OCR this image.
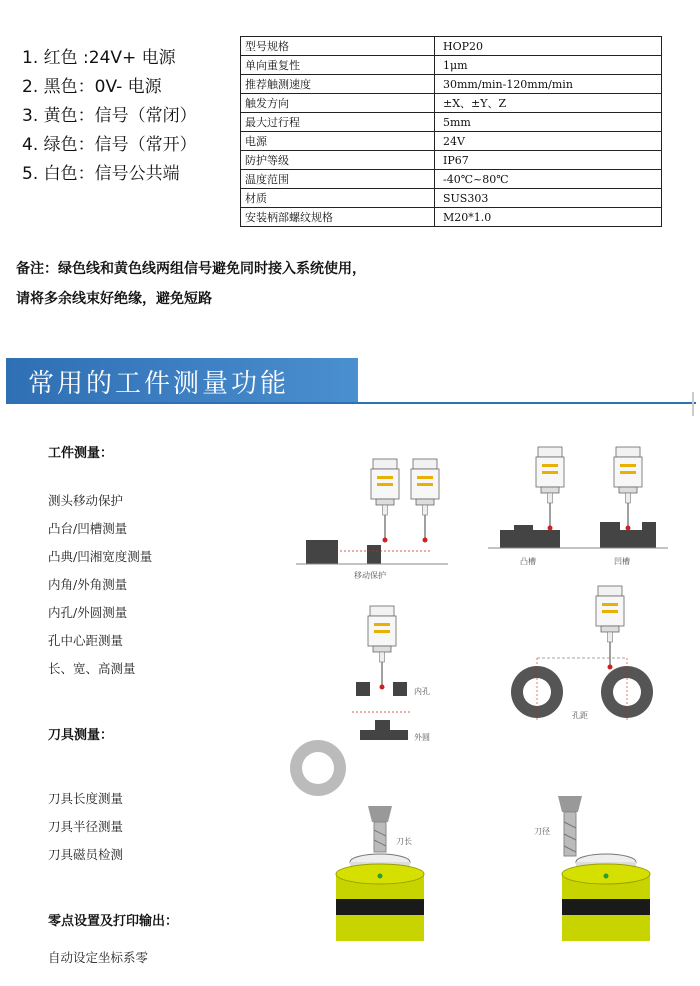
1. 红色 :24V+ 电源
2. 黑色：0V- 电源
3. 黄色：信号（常闭）
4. 绿色：信号（常开）
5. 白色：信号公共端
型号规格	HOP20
单向重复性	1μm
推荐触测速度	30mm/min-120mm/min
触发方向	±X、±Y、Z
最大过行程	5mm
电源	24V
防护等级	IP67
温度范围	-40℃~80℃
材质	SUS303
安装柄部螺纹规格	M20*1.0
备注：绿色线和黄色线两组信号避免同时接入系统使用，
请将多余线束好绝缘，避免短路
常用的工件测量功能
工件测量：
测头移动保护
凸台/凹槽测量
凸典/凹湘宽度测量
内角/外角测量
内孔/外圆测量
孔中心距测量
长、宽、高测量
刀具测量：
刀具长度测量
刀具半径测量
刀具磁员检测
零点设置及打印输出：
自动设定坐标系零
移动保护
凸槽	凹槽
内孔
外圆
孔距
刀长
刀径
